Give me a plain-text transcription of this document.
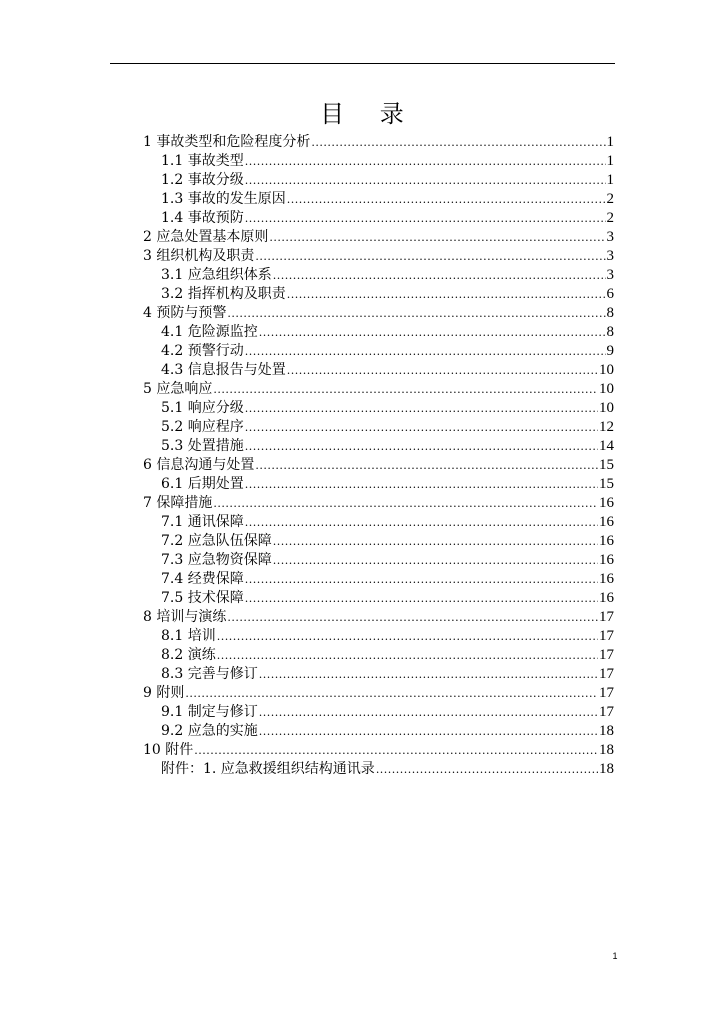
目 录
1 事故类型和危险程度分析 .....	1
1.1 事故类型 .....	1
1.2 事故分级 .....	1
1.3 事故的发生原因 .....	2
1.4 事故预防 .....	2
2 应急处置基本原则 .....	3
3 组织机构及职责 .....	3
3.1 应急组织体系 .....	3
3.2 指挥机构及职责 .....	6
4 预防与预警 .....	8
4.1 危险源监控 .....	8
4.2 预警行动 .....	9
4.3 信息报告与处置 .....	10
5 应急响应 .....	10
5.1 响应分级 .....	10
5.2 响应程序 .....	12
5.3 处置措施 .....	14
6 信息沟通与处置 .....	15
6.1 后期处置 .....	15
7 保障措施 .....	16
7.1 通讯保障 .....	16
7.2 应急队伍保障 .....	16
7.3 应急物资保障 .....	16
7.4 经费保障 .....	16
7.5 技术保障 .....	16
8 培训与演练 .....	17
8.1 培训 .....	17
8.2 演练 .....	17
8.3 完善与修订 .....	17
9 附则 .....	17
9.1 制定与修订 .....	17
9.2 应急的实施 .....	18
10 附件 .....	18
附件：1. 应急救援组织结构通讯录 .....	18
1
